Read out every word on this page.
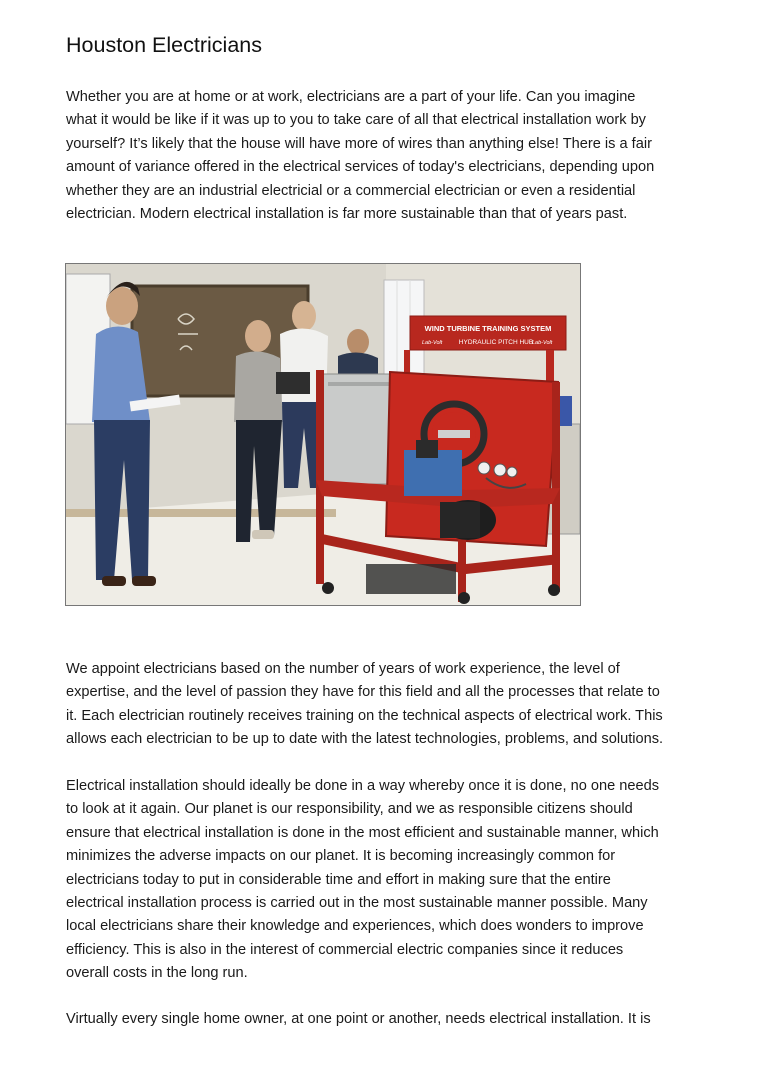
Houston Electricians
Whether you are at home or at work, electricians are a part of your life. Can you imagine
what it would be like if it was up to you to take care of all that electrical installation work by
yourself? It’s likely that the house will have more of wires than anything else! There is a fair
amount of variance offered in the electrical services of today's electricians, depending upon
whether they are an industrial electricial or a commercial electrician or even a residential
electrician. Modern electrical installation is far more sustainable than that of years past.
We appoint electricians based on the number of years of work experience, the level of
expertise, and the level of passion they have for this field and all the processes that relate to
it. Each electrician routinely receives training on the technical aspects of electrical work. This
allows each electrician to be up to date with the latest technologies, problems, and solutions.
Electrical installation should ideally be done in a way whereby once it is done, no one needs
to look at it again. Our planet is our responsibility, and we as responsible citizens should
ensure that electrical installation is done in the most efficient and sustainable manner, which
minimizes the adverse impacts on our planet. It is becoming increasingly common for
electricians today to put in considerable time and effort in making sure that the entire
electrical installation process is carried out in the most sustainable manner possible. Many
local electricians share their knowledge and experiences, which does wonders to improve
efficiency. This is also in the interest of commercial electric companies since it reduces
overall costs in the long run.
Virtually every single home owner, at one point or another, needs electrical installation. It is
WIND TURBINE TRAINING SYSTEM
HYDRAULIC PITCH HUB
Lab-Volt	Lab-Volt
